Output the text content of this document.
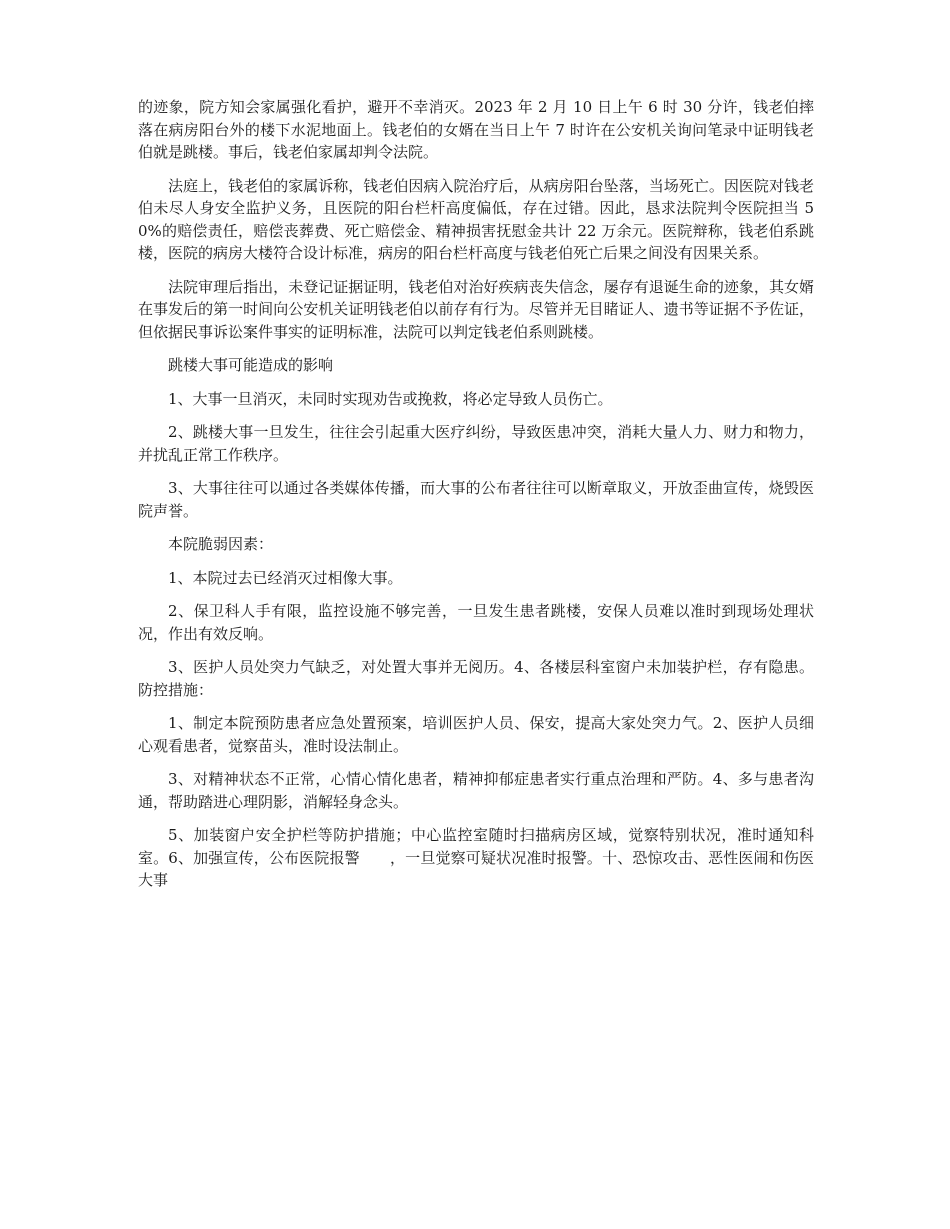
的迹象，院方知会家属强化看护，避开不幸消灭。2023 年 2 月 10 日上午 6 时 30 分许，钱老伯摔落在病房阳台外的楼下水泥地面上。钱老伯的女婿在当日上午 7 时许在公安机关询问笔录中证明钱老伯就是跳楼。事后，钱老伯家属却判令法院。

法庭上，钱老伯的家属诉称，钱老伯因病入院治疗后，从病房阳台坠落，当场死亡。因医院对钱老伯未尽人身安全监护义务，且医院的阳台栏杆高度偏低，存在过错。因此，恳求法院判令医院担当 50%的赔偿责任，赔偿丧葬费、死亡赔偿金、精神损害抚慰金共计 22 万余元。医院辩称，钱老伯系跳楼，医院的病房大楼符合设计标准，病房的阳台栏杆高度与钱老伯死亡后果之间没有因果关系。

法院审理后指出，未登记证据证明，钱老伯对治好疾病丧失信念，屡存有退诞生命的迹象，其女婿在事发后的第一时间向公安机关证明钱老伯以前存有行为。尽管并无目睹证人、遗书等证据不予佐证，但依据民事诉讼案件事实的证明标准，法院可以判定钱老伯系则跳楼。

跳楼大事可能造成的影响

1、大事一旦消灭，未同时实现劝告或挽救，将必定导致人员伤亡。

2、跳楼大事一旦发生，往往会引起重大医疗纠纷，导致医患冲突，消耗大量人力、财力和物力，并扰乱正常工作秩序。

3、大事往往可以通过各类媒体传播，而大事的公布者往往可以断章取义，开放歪曲宣传，烧毁医院声誉。

本院脆弱因素：

1、本院过去已经消灭过相像大事。

2、保卫科人手有限，监控设施不够完善，一旦发生患者跳楼，安保人员难以准时到现场处理状况，作出有效反响。

3、医护人员处突力气缺乏，对处置大事并无阅历。4、各楼层科室窗户未加装护栏，存有隐患。防控措施：

1、制定本院预防患者应急处置预案，培训医护人员、保安，提高大家处突力气。2、医护人员细心观看患者，觉察苗头，准时设法制止。

3、对精神状态不正常，心情心情化患者，精神抑郁症患者实行重点治理和严防。4、多与患者沟通，帮助踏进心理阴影，消解轻身念头。

5、加装窗户安全护栏等防护措施；中心监控室随时扫描病房区域，觉察特别状况，准时通知科室。6、加强宣传，公布医院报警　　，一旦觉察可疑状况准时报警。十、恐惊攻击、恶性医闹和伤医大事
